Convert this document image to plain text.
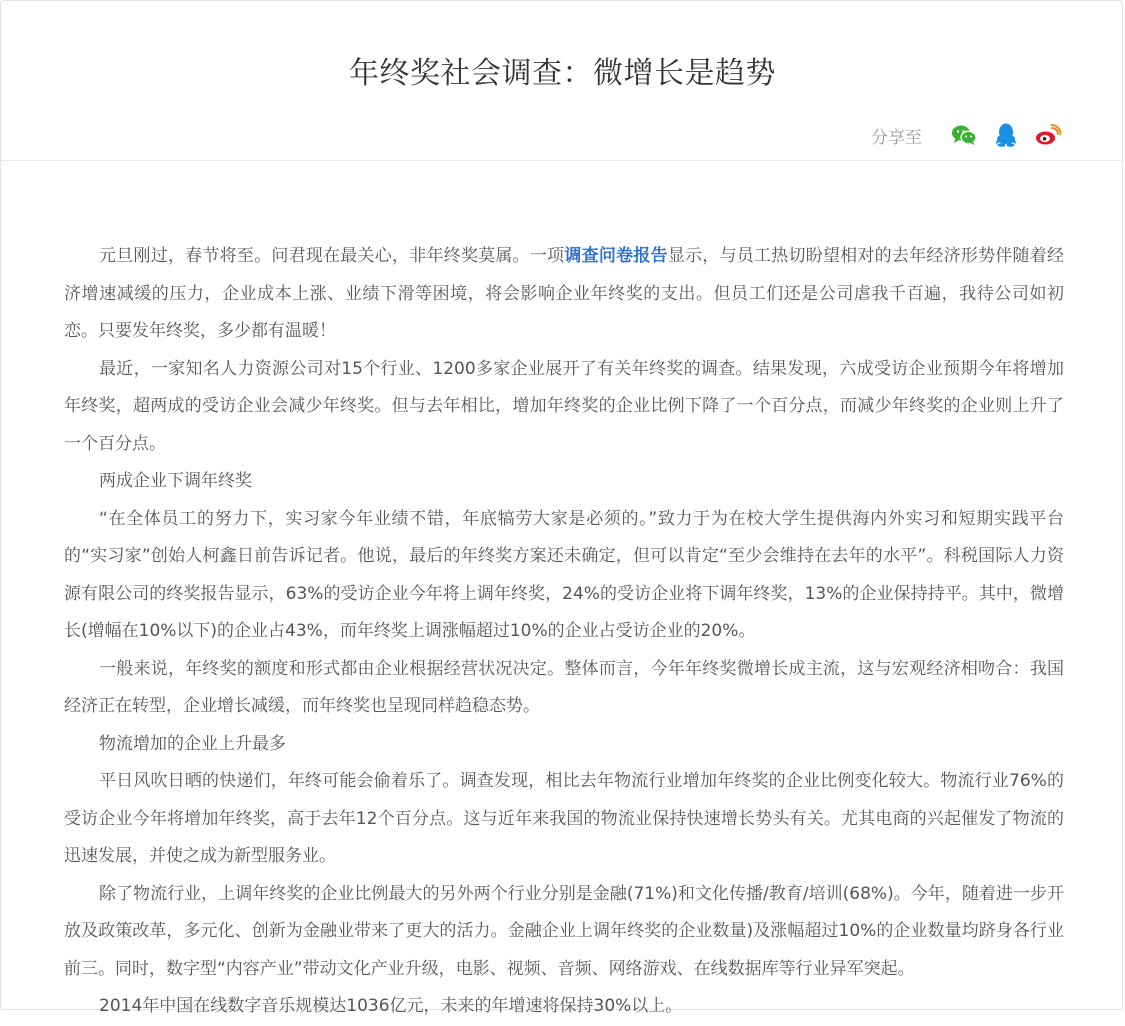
年终奖社会调查：微增长是趋势
分享至

元旦刚过，春节将至。问君现在最关心，非年终奖莫属。一项调查问卷报告显示，与员工热切盼望相对的去年经济形势伴随着经济增速减缓的压力，企业成本上涨、业绩下滑等困境，将会影响企业年终奖的支出。但员工们还是公司虐我千百遍，我待公司如初恋。只要发年终奖，多少都有温暖！

最近，一家知名人力资源公司对15个行业、1200多家企业展开了有关年终奖的调查。结果发现，六成受访企业预期今年将增加年终奖，超两成的受访企业会减少年终奖。但与去年相比，增加年终奖的企业比例下降了一个百分点，而减少年终奖的企业则上升了一个百分点。

两成企业下调年终奖

“在全体员工的努力下，实习家今年业绩不错，年底犒劳大家是必须的。”致力于为在校大学生提供海内外实习和短期实践平台的“实习家”创始人柯鑫日前告诉记者。他说，最后的年终奖方案还未确定，但可以肯定“至少会维持在去年的水平”。科税国际人力资源有限公司的终奖报告显示，63%的受访企业今年将上调年终奖，24%的受访企业将下调年终奖，13%的企业保持持平。其中，微增长(增幅在10%以下)的企业占43%，而年终奖上调涨幅超过10%的企业占受访企业的20%。

一般来说，年终奖的额度和形式都由企业根据经营状况决定。整体而言，今年年终奖微增长成主流，这与宏观经济相吻合：我国经济正在转型，企业增长减缓，而年终奖也呈现同样趋稳态势。

物流增加的企业上升最多

平日风吹日晒的快递们，年终可能会偷着乐了。调查发现，相比去年物流行业增加年终奖的企业比例变化较大。物流行业76%的受访企业今年将增加年终奖，高于去年12个百分点。这与近年来我国的物流业保持快速增长势头有关。尤其电商的兴起催发了物流的迅速发展，并使之成为新型服务业。

除了物流行业，上调年终奖的企业比例最大的另外两个行业分别是金融(71%)和文化传播/教育/培训(68%)。今年，随着进一步开放及政策改革，多元化、创新为金融业带来了更大的活力。金融企业上调年终奖的企业数量)及涨幅超过10%的企业数量均跻身各行业前三。同时，数字型“内容产业”带动文化产业升级，电影、视频、音频、网络游戏、在线数据库等行业异军突起。

2014年中国在线数字音乐规模达1036亿元，未来的年增速将保持30%以上。
